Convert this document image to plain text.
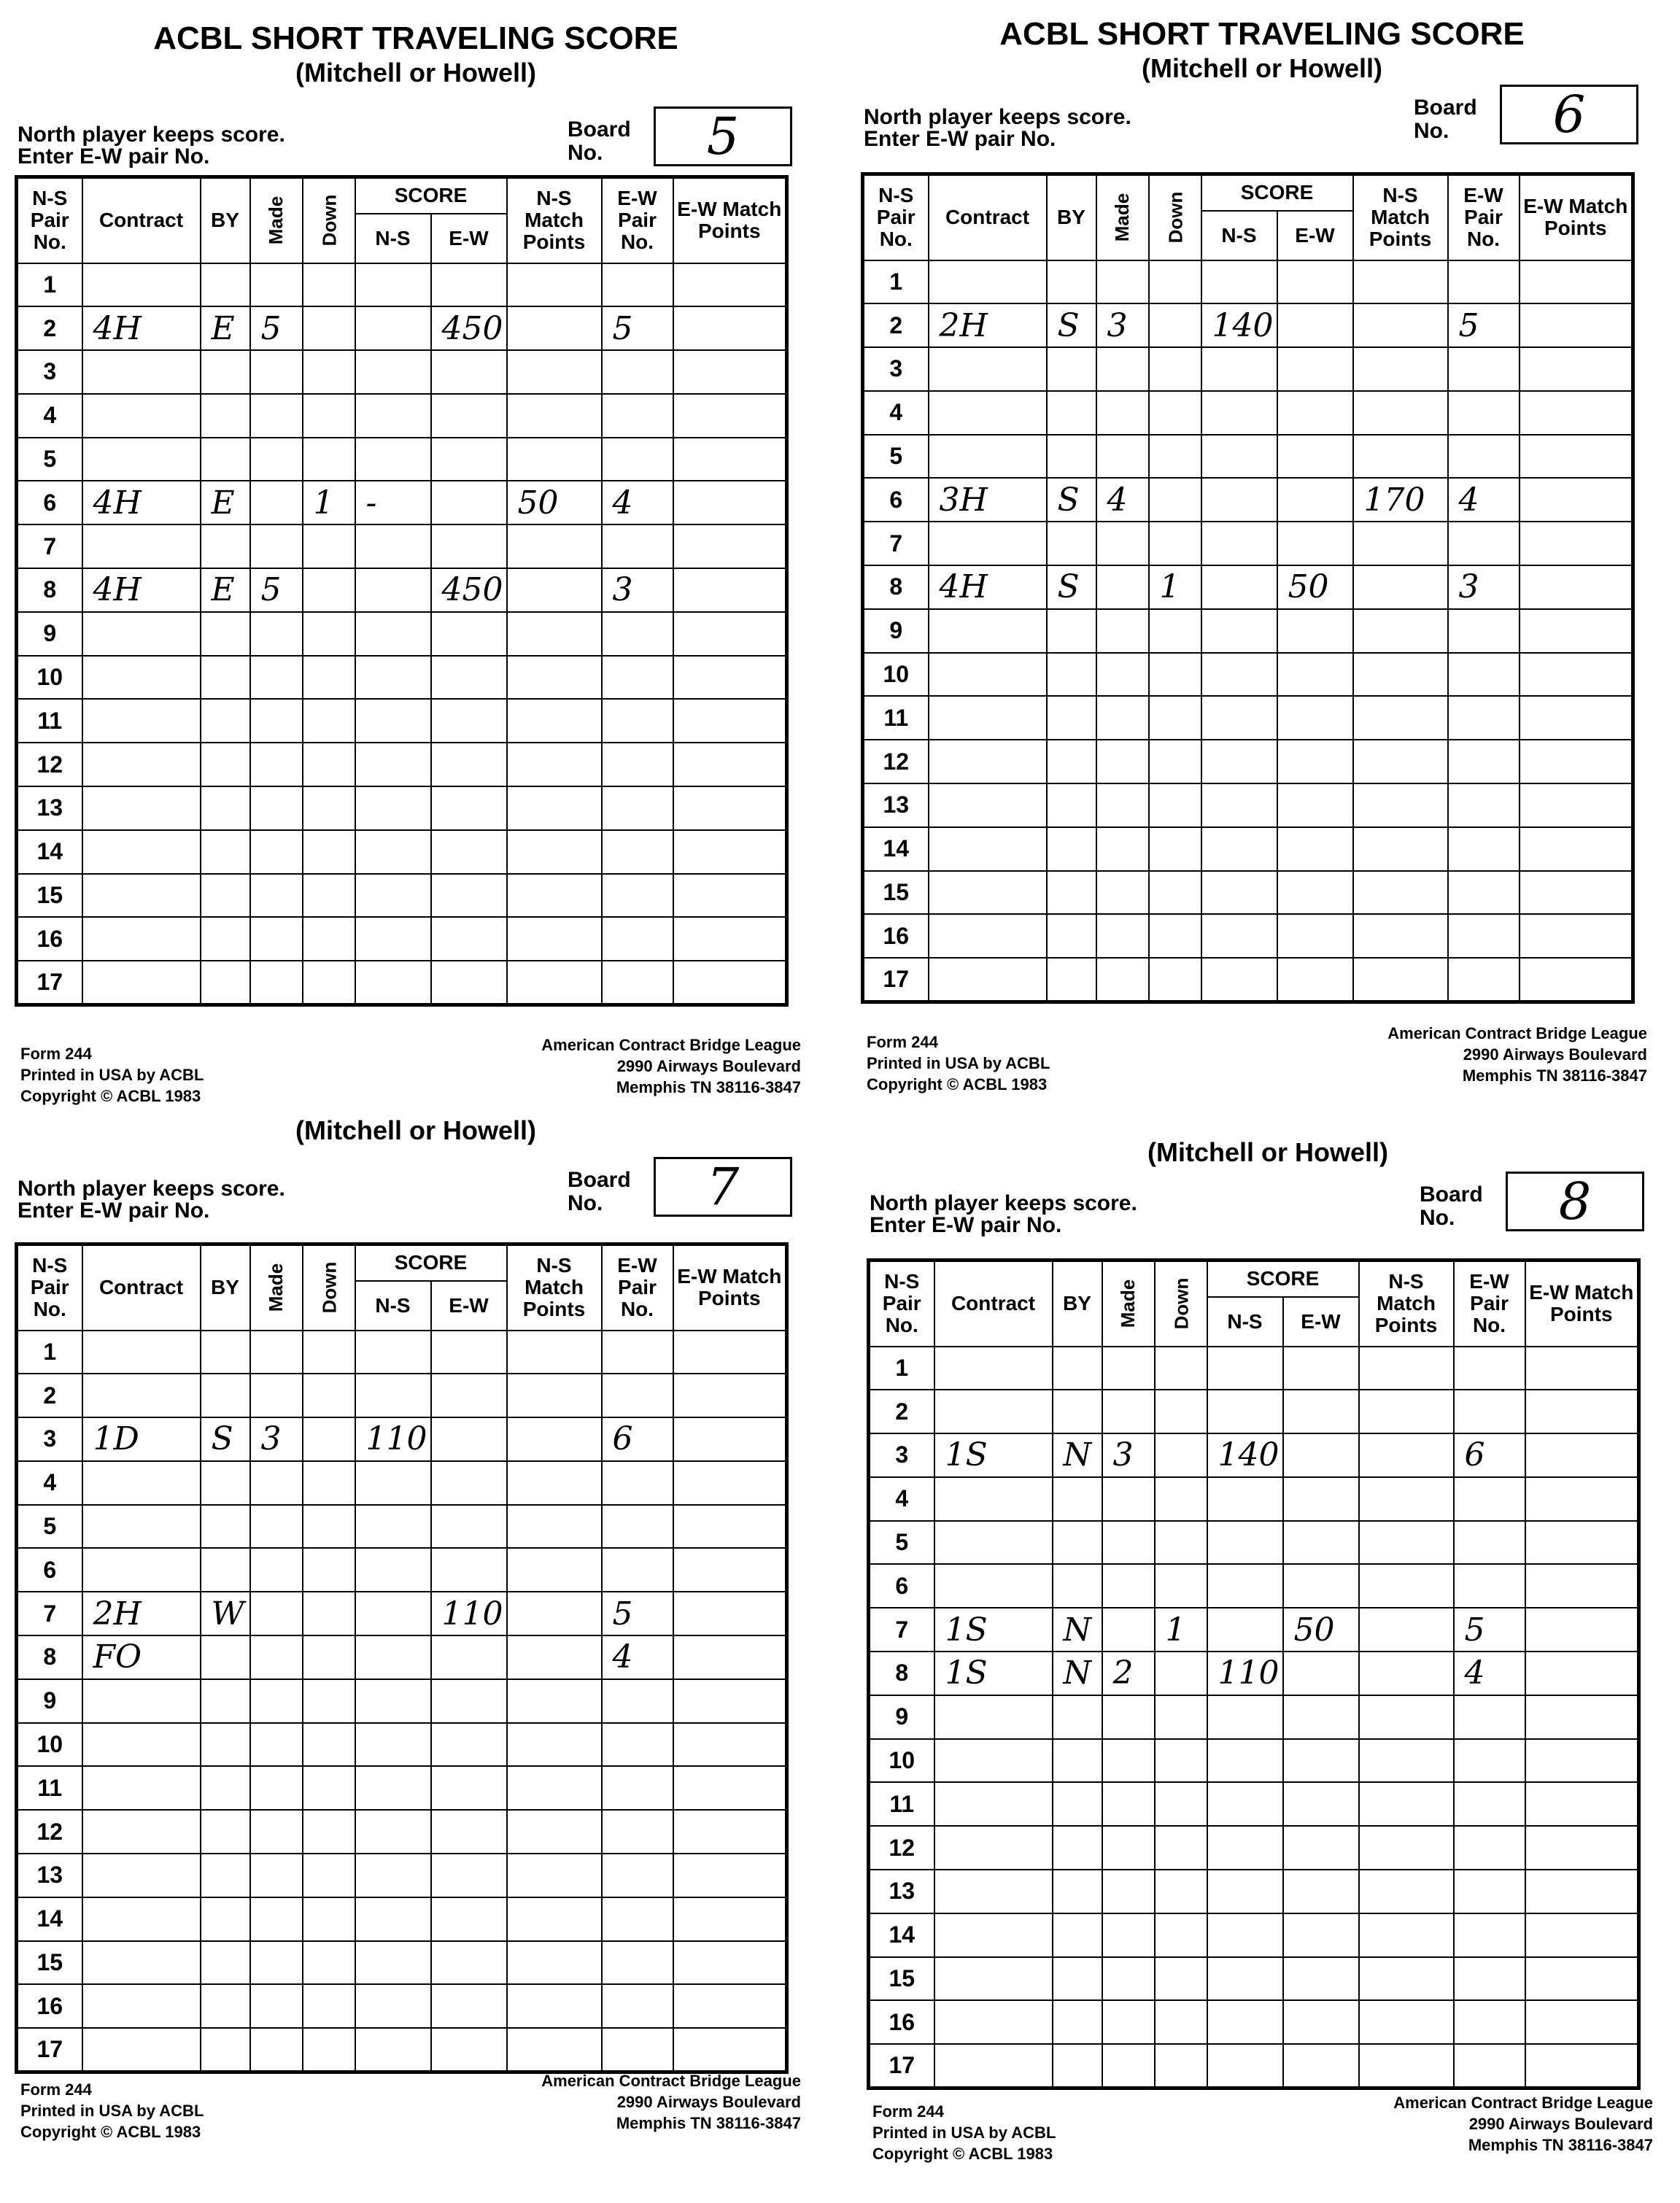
ACBL SHORT TRAVELING SCORE
(Mitchell or Howell)
North player keeps score.
Enter E-W pair No.
Board
No.	5
N-S Pair No.	Contract	BY	Made	Down	SCORE		N-S Match Points	E-W Pair No.	E-W Match Points
					N-S	E-W			
1									
2	4H	E	5			450		5	
3									
4									
5									
6	4H	E		1	-		50	4	
7									
8	4H	E	5			450		3	
9									
10									
11									
12									
13									
14									
15									
16									
17									
Form 244
Printed in USA by ACBL
Copyright © ACBL 1983
American Contract Bridge League
2990 Airways Boulevard
Memphis TN 38116-3847
ACBL SHORT TRAVELING SCORE
(Mitchell or Howell)
North player keeps score.
Enter E-W pair No.
Board
No.	6
N-S Pair No.	Contract	BY	Made	Down	SCORE		N-S Match Points	E-W Pair No.	E-W Match Points
					N-S	E-W			
1									
2	2H	S	3		140			5	
3									
4									
5									
6	3H	S	4				170	4	
7									
8	4H	S		1		50		3	
9									
10									
11									
12									
13									
14									
15									
16									
17									
Form 244
Printed in USA by ACBL
Copyright © ACBL 1983
American Contract Bridge League
2990 Airways Boulevard
Memphis TN 38116-3847
(Mitchell or Howell)
North player keeps score.
Enter E-W pair No.
Board
No.	7
N-S Pair No.	Contract	BY	Made	Down	SCORE		N-S Match Points	E-W Pair No.	E-W Match Points
					N-S	E-W			
1									
2									
3	1D	S	3		110			6	
4									
5									
6									
7	2H	W				110		5	
8	FO							4	
9									
10									
11									
12									
13									
14									
15									
16									
17									
Form 244
Printed in USA by ACBL
Copyright © ACBL 1983
American Contract Bridge League
2990 Airways Boulevard
Memphis TN 38116-3847
(Mitchell or Howell)
North player keeps score.
Enter E-W pair No.
Board
No.	8
N-S Pair No.	Contract	BY	Made	Down	SCORE		N-S Match Points	E-W Pair No.	E-W Match Points
					N-S	E-W			
1									
2									
3	1S	N	3		140			6	
4									
5									
6									
7	1S	N		1		50		5	
8	1S	N	2		110			4	
9									
10									
11									
12									
13									
14									
15									
16									
17									
Form 244
Printed in USA by ACBL
Copyright © ACBL 1983
American Contract Bridge League
2990 Airways Boulevard
Memphis TN 38116-3847
